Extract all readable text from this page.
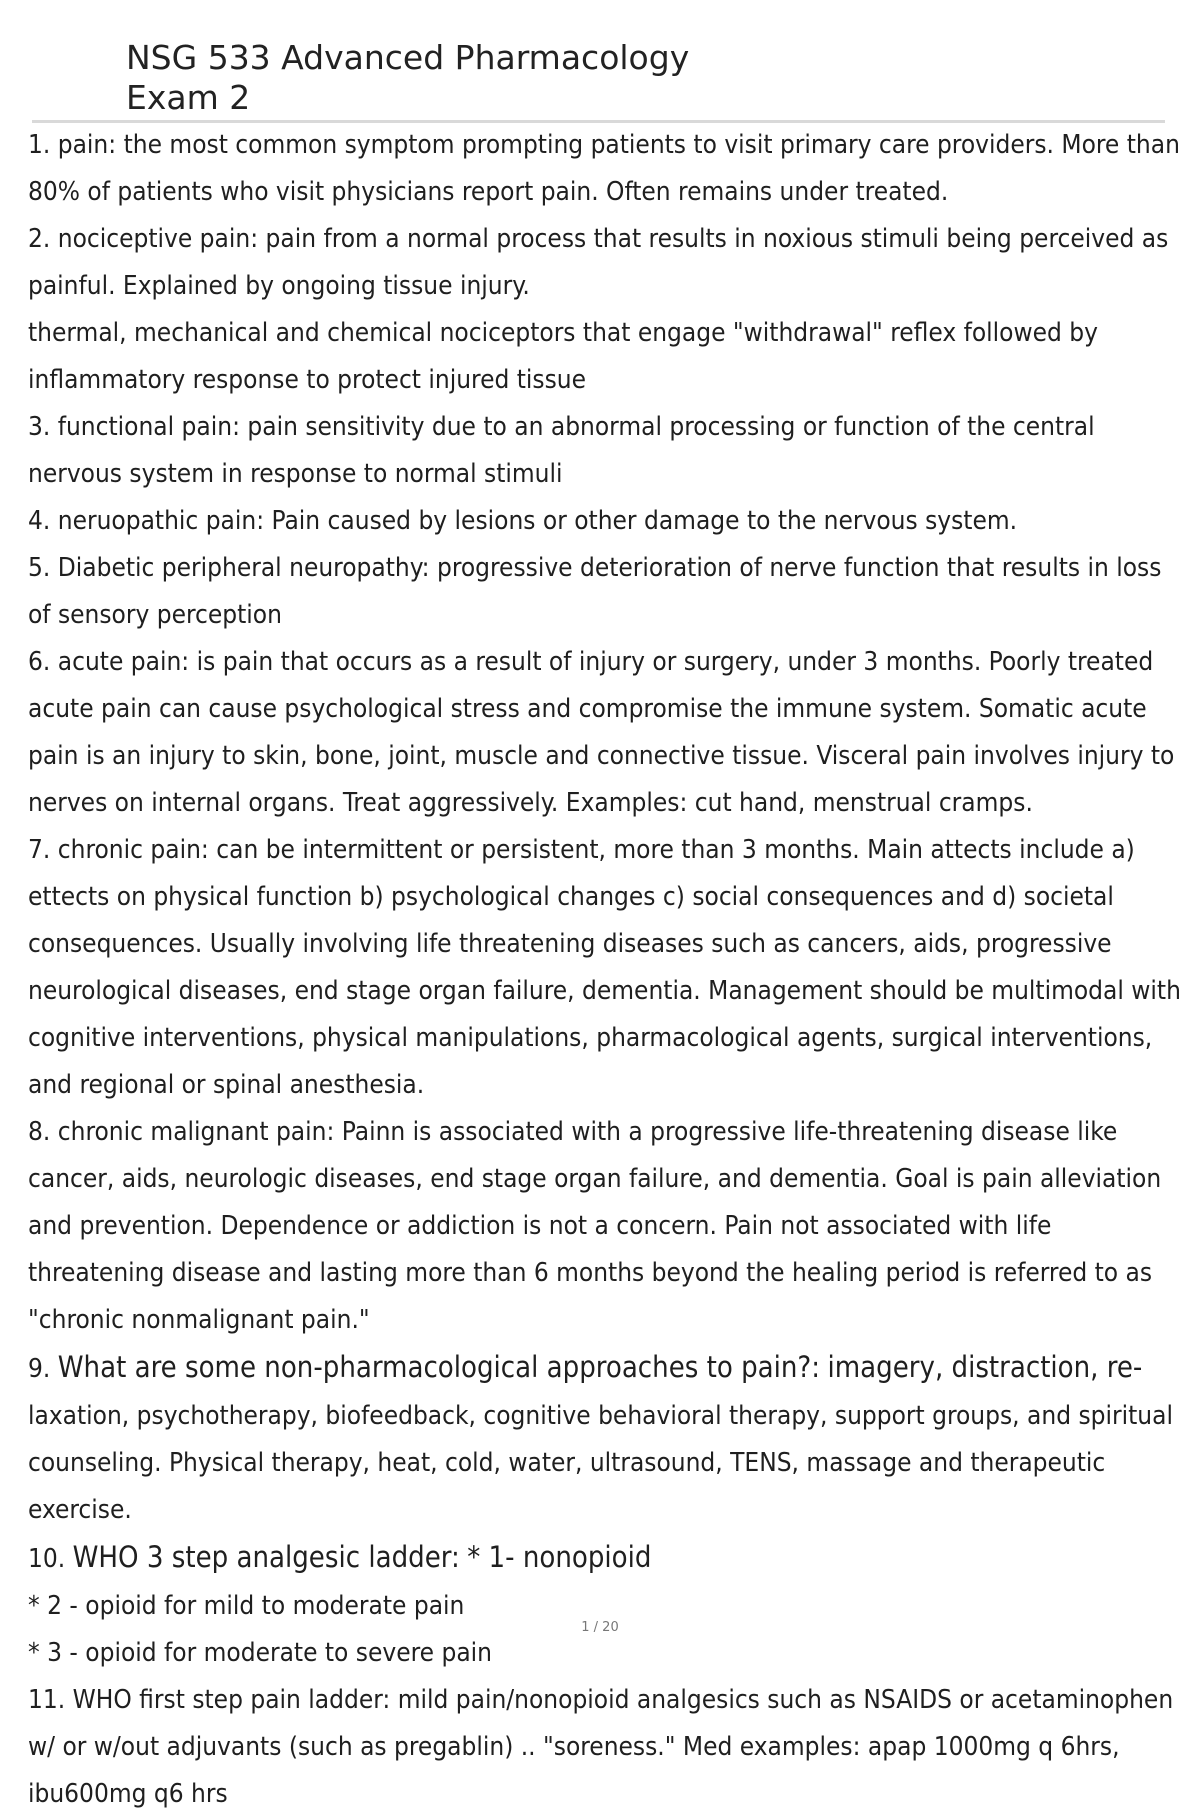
NSG 533 Advanced Pharmacology Exam 2

1. pain: the most common symptom prompting patients to visit primary care providers. More than 80% of patients who visit physicians report pain. Often remains under treated.

2. nociceptive pain: pain from a normal process that results in noxious stimuli being perceived as painful. Explained by ongoing tissue injury.

thermal, mechanical and chemical nociceptors that engage "withdrawal" reflex followed by inflammatory response to protect injured tissue

3. functional pain: pain sensitivity due to an abnormal processing or function of the central nervous system in response to normal stimuli

4. neruopathic pain: Pain caused by lesions or other damage to the nervous system.

5. Diabetic peripheral neuropathy: progressive deterioration of nerve function that results in loss of sensory perception

6. acute pain: is pain that occurs as a result of injury or surgery, under 3 months. Poorly treated acute pain can cause psychological stress and compromise the immune system. Somatic acute pain is an injury to skin, bone, joint, muscle and connective tissue. Visceral pain involves injury to nerves on internal organs. Treat aggressively. Examples: cut hand, menstrual cramps.

7. chronic pain: can be intermittent or persistent, more than 3 months. Main attects include a) ettects on physical function b) psychological changes c) social consequences and d) societal consequences. Usually involving life threatening diseases such as cancers, aids, progressive neurological diseases, end stage organ failure, dementia. Management should be multimodal with cognitive interventions, physical manipulations, pharmacological agents, surgical interventions, and regional or spinal anesthesia.

8. chronic malignant pain: Painn is associated with a progressive life-threatening disease like cancer, aids, neurologic diseases, end stage organ failure, and dementia. Goal is pain alleviation and prevention. Dependence or addiction is not a concern. Pain not associated with life threatening disease and lasting more than 6 months beyond the healing period is referred to as "chronic nonmalignant pain."

9. What are some non-pharmacological approaches to pain?: imagery, distraction, re- laxation, psychotherapy, biofeedback, cognitive behavioral therapy, support groups, and spiritual counseling. Physical therapy, heat, cold, water, ultrasound, TENS, massage and therapeutic exercise.

10. WHO 3 step analgesic ladder: * 1- nonopioid

* 2 - opioid for mild to moderate pain

* 3 - opioid for moderate to severe pain

11. WHO first step pain ladder: mild pain/nonopioid analgesics such as NSAIDS or acetaminophen w/ or w/out adjuvants (such as pregablin) .. "soreness." Med examples: apap 1000mg q 6hrs, ibu600mg q6 hrs

1 / 20
